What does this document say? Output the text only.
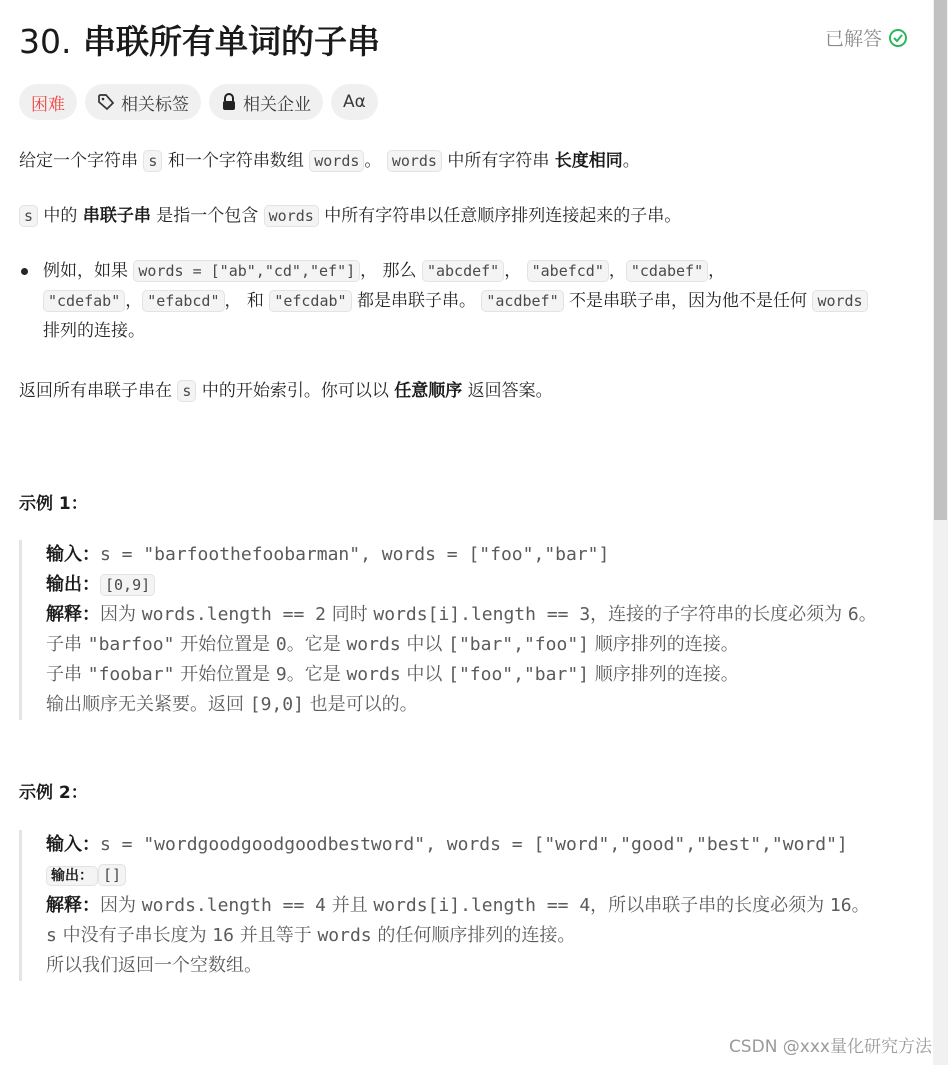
30. 串联所有单词的子串	已解答
困难	相关标签	相关企业 Aα
给定一个字符串 s 和一个字符串数组 words 。 words 中所有字符串 长度相同。
s 中的 串联子串 是指一个包含 words 中所有字符串以任意顺序排列连接起来的子串。
例如，如果 words = ["ab","cd","ef"] ， 那么 "abcdef" ， "abefcd" ， "cdabef" ， "cdefab" ， "efabcd" ， 和 "efcdab" 都是串联子串。 "acdbef" 不是串联子串，因为他不是任何 words 排列的连接。
返回所有串联子串在 s 中的开始索引。你可以以 任意顺序 返回答案。
示例 1：
输入：s = "barfoothefoobarman", words = ["foo","bar"]
输出： [0,9]
解释：因为 words.length == 2 同时 words[i].length == 3，连接的子字符串的长度必须为 6。
子串 "barfoo" 开始位置是 0。它是 words 中以 ["bar","foo"] 顺序排列的连接。
子串 "foobar" 开始位置是 9。它是 words 中以 ["foo","bar"] 顺序排列的连接。
输出顺序无关紧要。返回 [9,0] 也是可以的。
示例 2：
输入：s = "wordgoodgoodgoodbestword", words = ["word","good","best","word"]
输出： []
解释：因为 words.length == 4 并且 words[i].length == 4，所以串联子串的长度必须为 16。
s 中没有子串长度为 16 并且等于 words 的任何顺序排列的连接。
所以我们返回一个空数组。
CSDN @xxx量化研究方法
